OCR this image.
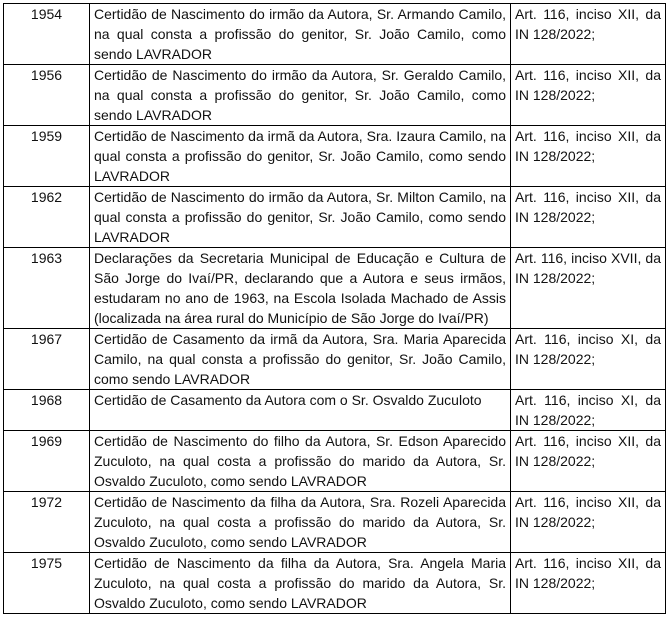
1954	Certidão de Nascimento do irmão da Autora, Sr. Armando Camilo, na qual consta a profissão do genitor, Sr. João Camilo, como sendo LAVRADOR	Art. 116, inciso XII, da IN 128/2022;
1956	Certidão de Nascimento do irmão da Autora, Sr. Geraldo Camilo, na qual consta a profissão do genitor, Sr. João Camilo, como sendo LAVRADOR	Art. 116, inciso XII, da IN 128/2022;
1959	Certidão de Nascimento da irmã da Autora, Sra. Izaura Camilo, na qual consta a profissão do genitor, Sr. João Camilo, como sendo LAVRADOR	Art. 116, inciso XII, da IN 128/2022;
1962	Certidão de Nascimento do irmão da Autora, Sr. Milton Camilo, na qual consta a profissão do genitor, Sr. João Camilo, como sendo LAVRADOR	Art. 116, inciso XII, da IN 128/2022;
1963	Declarações da Secretaria Municipal de Educação e Cultura de São Jorge do Ivaí/PR, declarando que a Autora e seus irmãos, estudaram no ano de 1963, na Escola Isolada Machado de Assis (localizada na área rural do Município de São Jorge do Ivaí/PR)	Art. 116, inciso XVII, da IN 128/2022;
1967	Certidão de Casamento da irmã da Autora, Sra. Maria Aparecida Camilo, na qual consta a profissão do genitor, Sr. João Camilo, como sendo LAVRADOR	Art. 116, inciso XI, da IN 128/2022;
1968	Certidão de Casamento da Autora com o Sr. Osvaldo Zuculoto	Art. 116, inciso XI, da IN 128/2022;
1969	Certidão de Nascimento do filho da Autora, Sr. Edson Aparecido Zuculoto, na qual costa a profissão do marido da Autora, Sr. Osvaldo Zuculoto, como sendo LAVRADOR	Art. 116, inciso XII, da IN 128/2022;
1972	Certidão de Nascimento da filha da Autora, Sra. Rozeli Aparecida Zuculoto, na qual costa a profissão do marido da Autora, Sr. Osvaldo Zuculoto, como sendo LAVRADOR	Art. 116, inciso XII, da IN 128/2022;
1975	Certidão de Nascimento da filha da Autora, Sra. Angela Maria Zuculoto, na qual costa a profissão do marido da Autora, Sr. Osvaldo Zuculoto, como sendo LAVRADOR	Art. 116, inciso XII, da IN 128/2022;
